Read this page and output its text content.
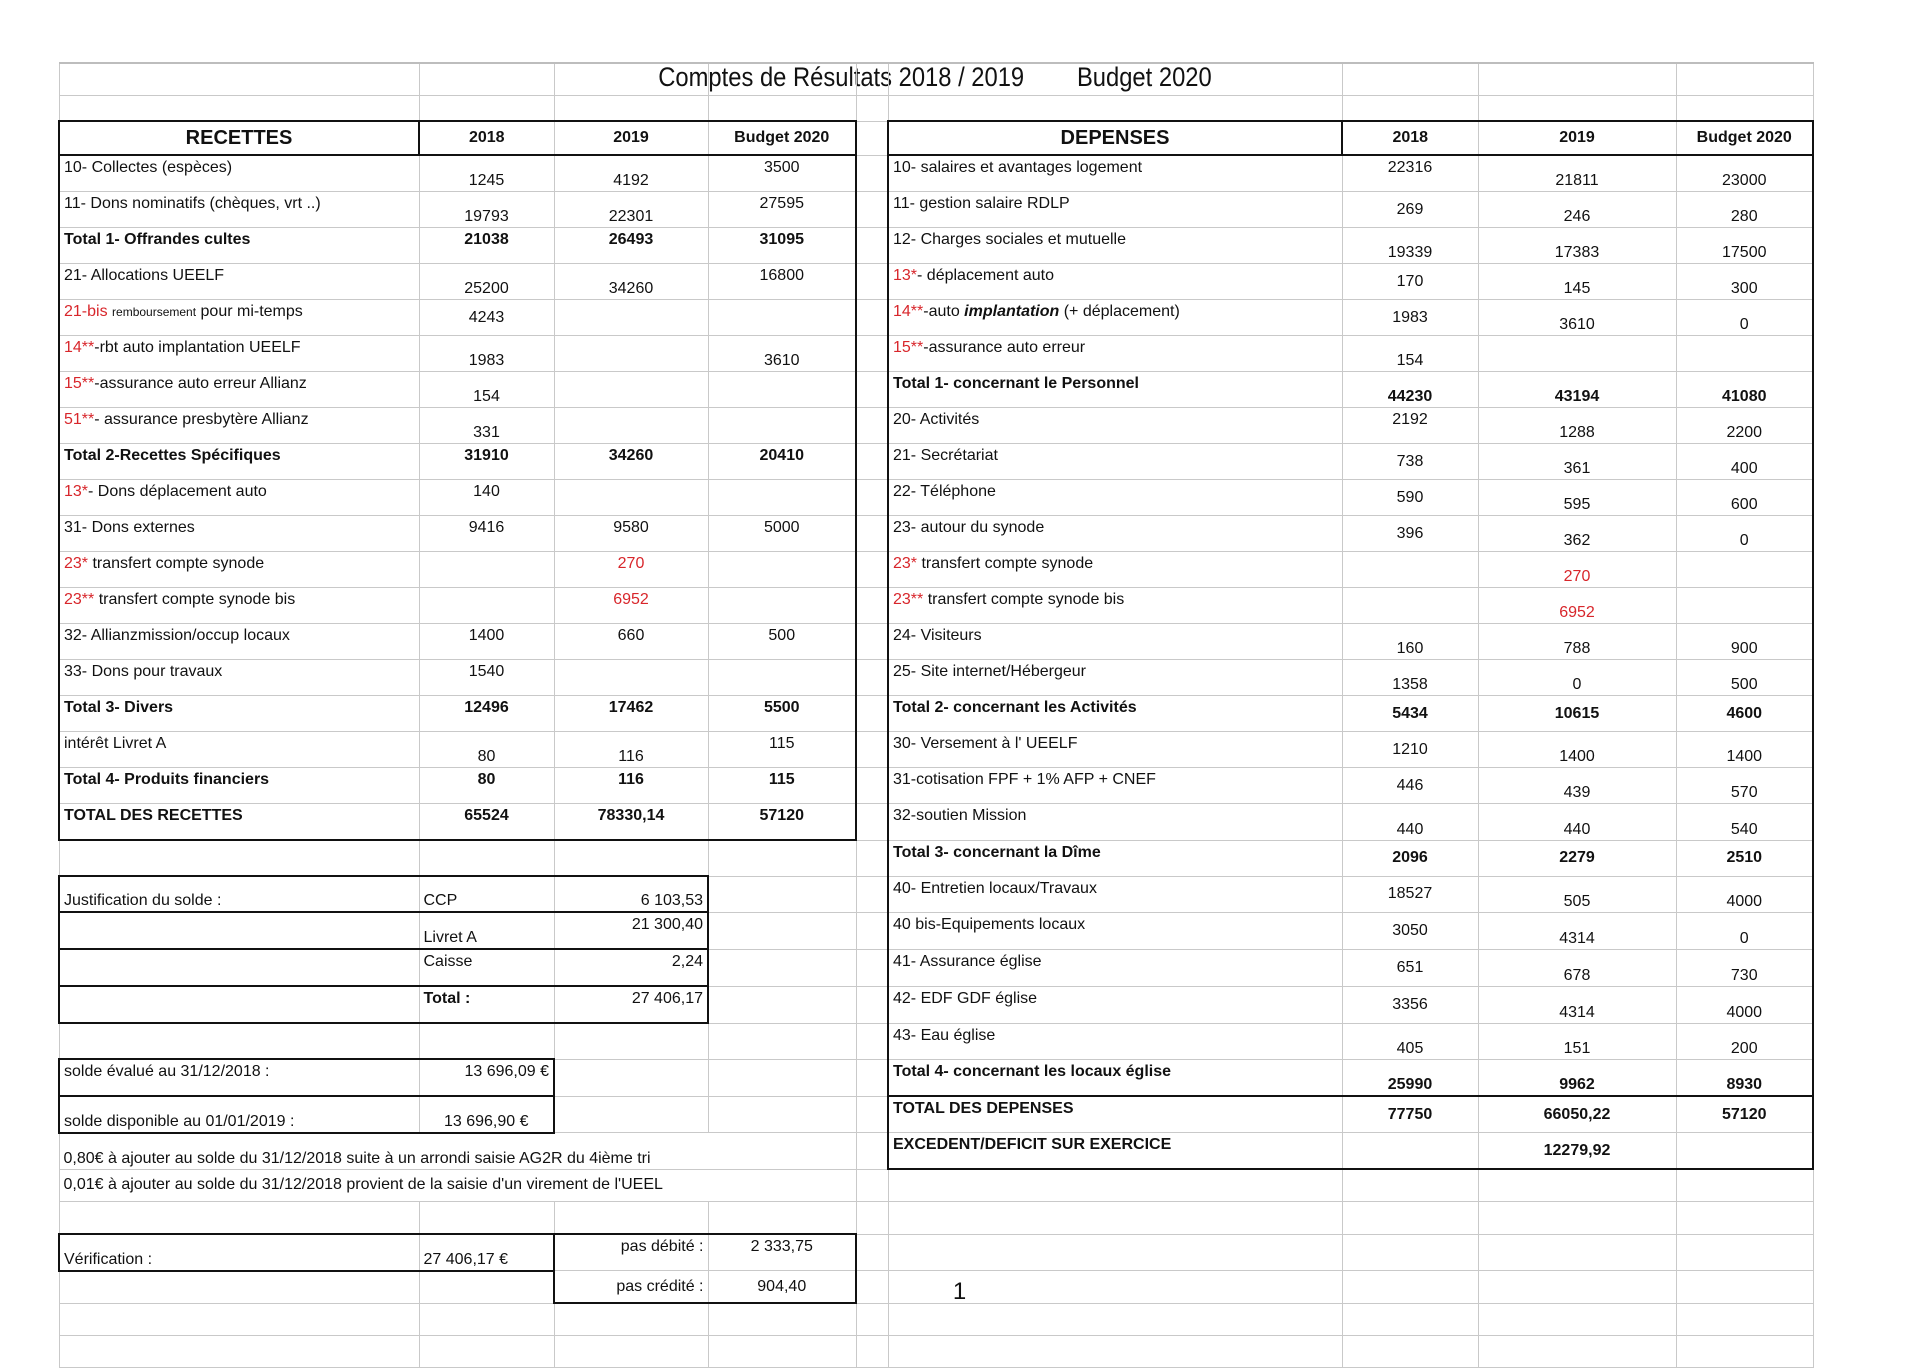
Comptes de Résultats 2018 / 2019        Budget 2020

RECETTES	2018	2019	Budget 2020		DEPENSES	2018	2019	Budget 2020
10- Collectes (espèces)	1245	4192	3500		10- salaires et avantages logement	22316	21811	23000
11- Dons nominatifs (chèques, vrt ..)	19793	22301	27595		11- gestion salaire RDLP	269	246	280
Total 1- Offrandes cultes	21038	26493	31095		12- Charges sociales et mutuelle	19339	17383	17500
21- Allocations UEELF	25200	34260	16800		13*- déplacement auto	170	145	300
21-bis remboursement pour mi-temps	4243				14**-auto implantation (+ déplacement)	1983	3610	0
14**-rbt auto implantation UEELF	1983		3610		15**-assurance auto erreur	154		
15**-assurance auto erreur Allianz	154				Total 1- concernant le Personnel	44230	43194	41080
51**- assurance presbytère Allianz	331				20- Activités	2192	1288	2200
Total 2-Recettes Spécifiques	31910	34260	20410		21- Secrétariat	738	361	400
13*- Dons déplacement auto	140				22- Téléphone	590	595	600
31- Dons externes	9416	9580	5000		23- autour du synode	396	362	0
23* transfert compte synode		270			23* transfert compte synode		270	
23** transfert compte synode bis		6952			23** transfert compte synode bis		6952	
32- Allianzmission/occup locaux	1400	660	500		24- Visiteurs	160	788	900
33- Dons pour travaux	1540				25- Site internet/Hébergeur	1358	0	500
Total 3- Divers	12496	17462	5500		Total 2- concernant les Activités	5434	10615	4600
intérêt Livret A	80	116	115		30- Versement à l' UEELF	1210	1400	1400
Total 4- Produits financiers	80	116	115		31-cotisation FPF + 1% AFP + CNEF	446	439	570
TOTAL DES RECETTES	65524	78330,14	57120		32-soutien Mission	440	440	540
					Total 3- concernant la Dîme	2096	2279	2510
Justification du solde :	CCP	6 103,53			40- Entretien locaux/Travaux	18527	505	4000
	Livret A	21 300,40			40 bis-Equipements locaux	3050	4314	0
	Caisse	2,24			41- Assurance église	651	678	730
	Total :	27 406,17			42- EDF GDF église	3356	4314	4000
					43- Eau église	405	151	200
solde évalué au 31/12/2018 :	13 696,09 €				Total 4- concernant les locaux église	25990	9962	8930
solde disponible au 01/01/2019 :	13 696,90 €				TOTAL DES DEPENSES	77750	66050,22	57120
0,80€ à ajouter au solde du 31/12/2018 suite à un arrondi saisie AG2R du 4ième tri					EXCEDENT/DEFICIT SUR EXERCICE		12279,92	
0,01€ à ajouter au solde du 31/12/2018 provient de la saisie d'un virement de l'UEEL								

Vérification :	27 406,17 €	pas débité :	2 333,75					
		pas crédité :	904,40					

									1
